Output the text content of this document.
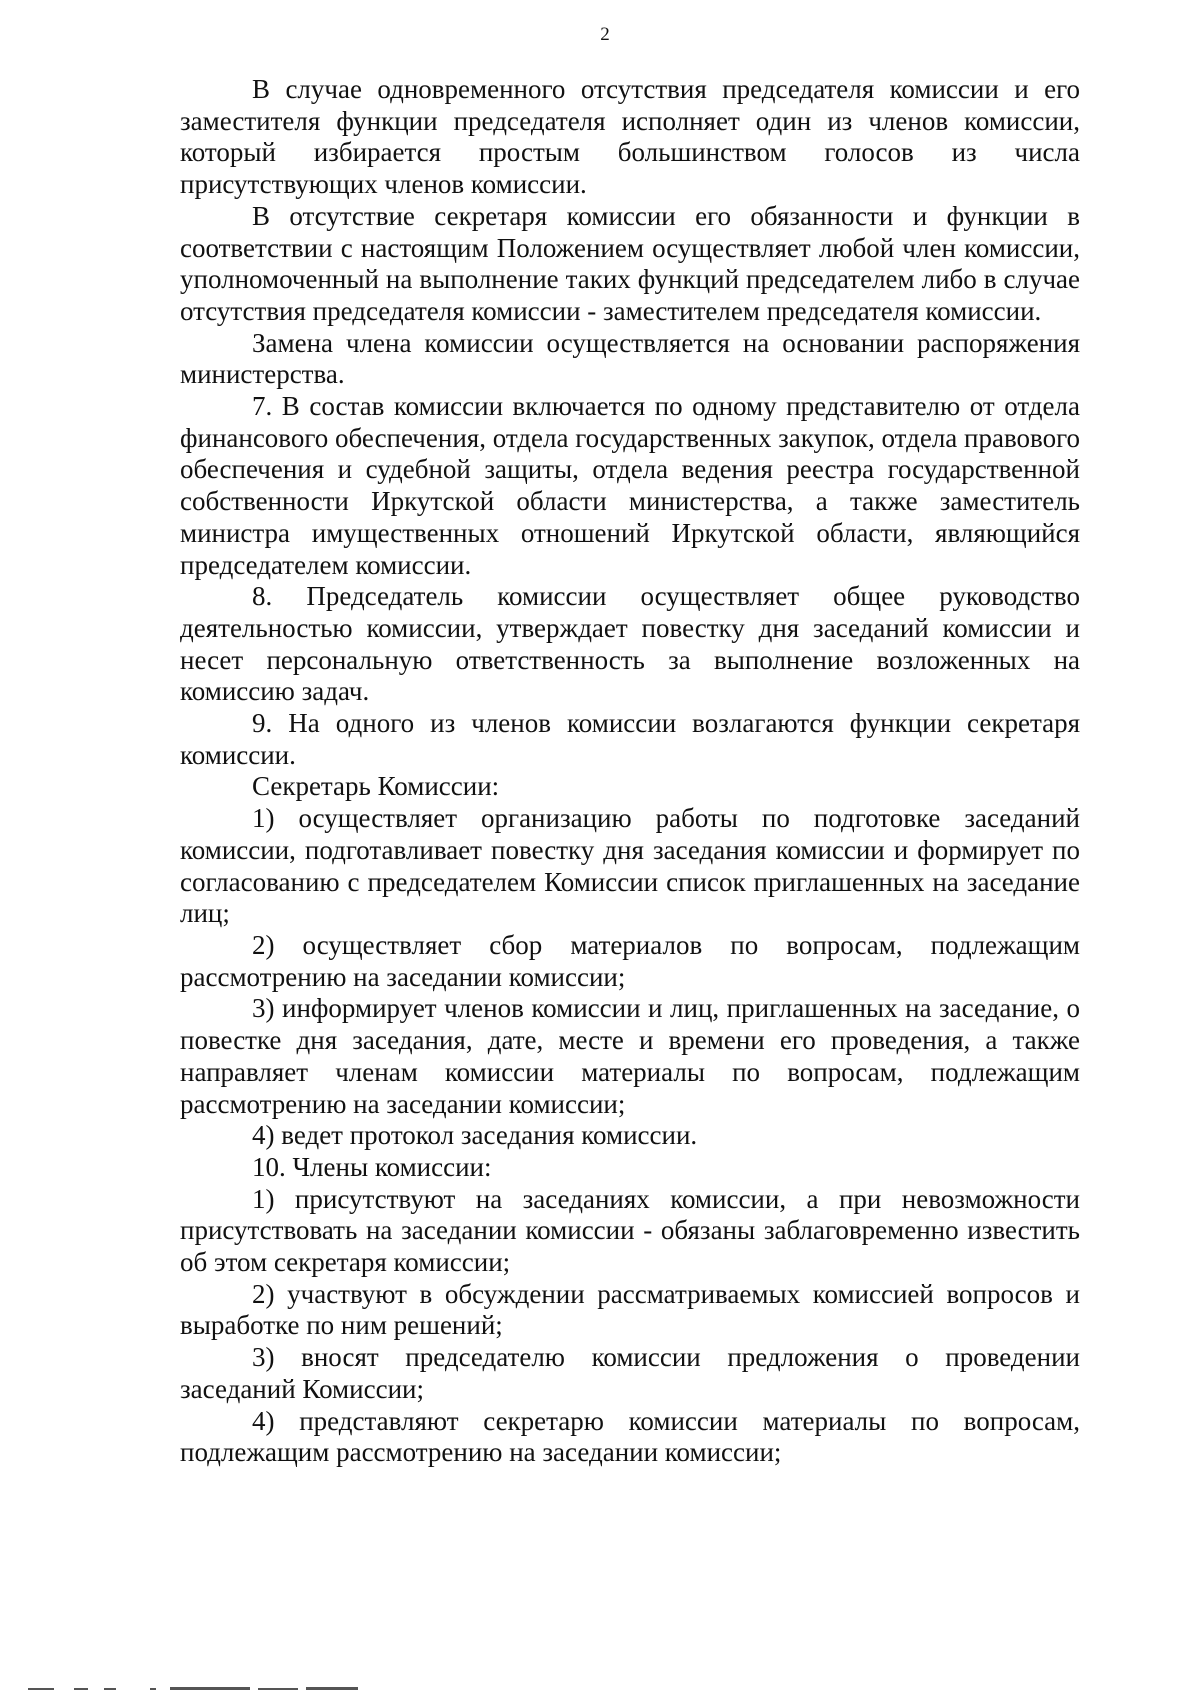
2

В случае одновременного отсутствия председателя комиссии и его заместителя функции председателя исполняет один из членов комиссии, который избирается простым большинством голосов из числа присутствующих членов комиссии.

В отсутствие секретаря комиссии его обязанности и функции в соответствии с настоящим Положением осуществляет любой член комиссии, уполномоченный на выполнение таких функций председателем либо в случае отсутствия председателя комиссии - заместителем председателя комиссии.

Замена члена комиссии осуществляется на основании распоряжения министерства.

7. В состав комиссии включается по одному представителю от отдела финансового обеспечения, отдела государственных закупок, отдела правового обеспечения и судебной защиты, отдела ведения реестра государственной собственности Иркутской области министерства, а также заместитель министра имущественных отношений Иркутской области, являющийся председателем комиссии.

8. Председатель комиссии осуществляет общее руководство деятельностью комиссии, утверждает повестку дня заседаний комиссии и несет персональную ответственность за выполнение возложенных на комиссию задач.

9. На одного из членов комиссии возлагаются функции секретаря комиссии.

Секретарь Комиссии:

1) осуществляет организацию работы по подготовке заседаний комиссии, подготавливает повестку дня заседания комиссии и формирует по согласованию с председателем Комиссии список приглашенных на заседание лиц;

2) осуществляет сбор материалов по вопросам, подлежащим рассмотрению на заседании комиссии;

3) информирует членов комиссии и лиц, приглашенных на заседание, о повестке дня заседания, дате, месте и времени его проведения, а также направляет членам комиссии материалы по вопросам, подлежащим рассмотрению на заседании комиссии;

4) ведет протокол заседания комиссии.

10. Члены комиссии:

1) присутствуют на заседаниях комиссии, а при невозможности присутствовать на заседании комиссии - обязаны заблаговременно известить об этом секретаря комиссии;

2) участвуют в обсуждении рассматриваемых комиссией вопросов и выработке по ним решений;

3) вносят председателю комиссии предложения о проведении заседаний Комиссии;

4) представляют секретарю комиссии материалы по вопросам, подлежащим рассмотрению на заседании комиссии;
